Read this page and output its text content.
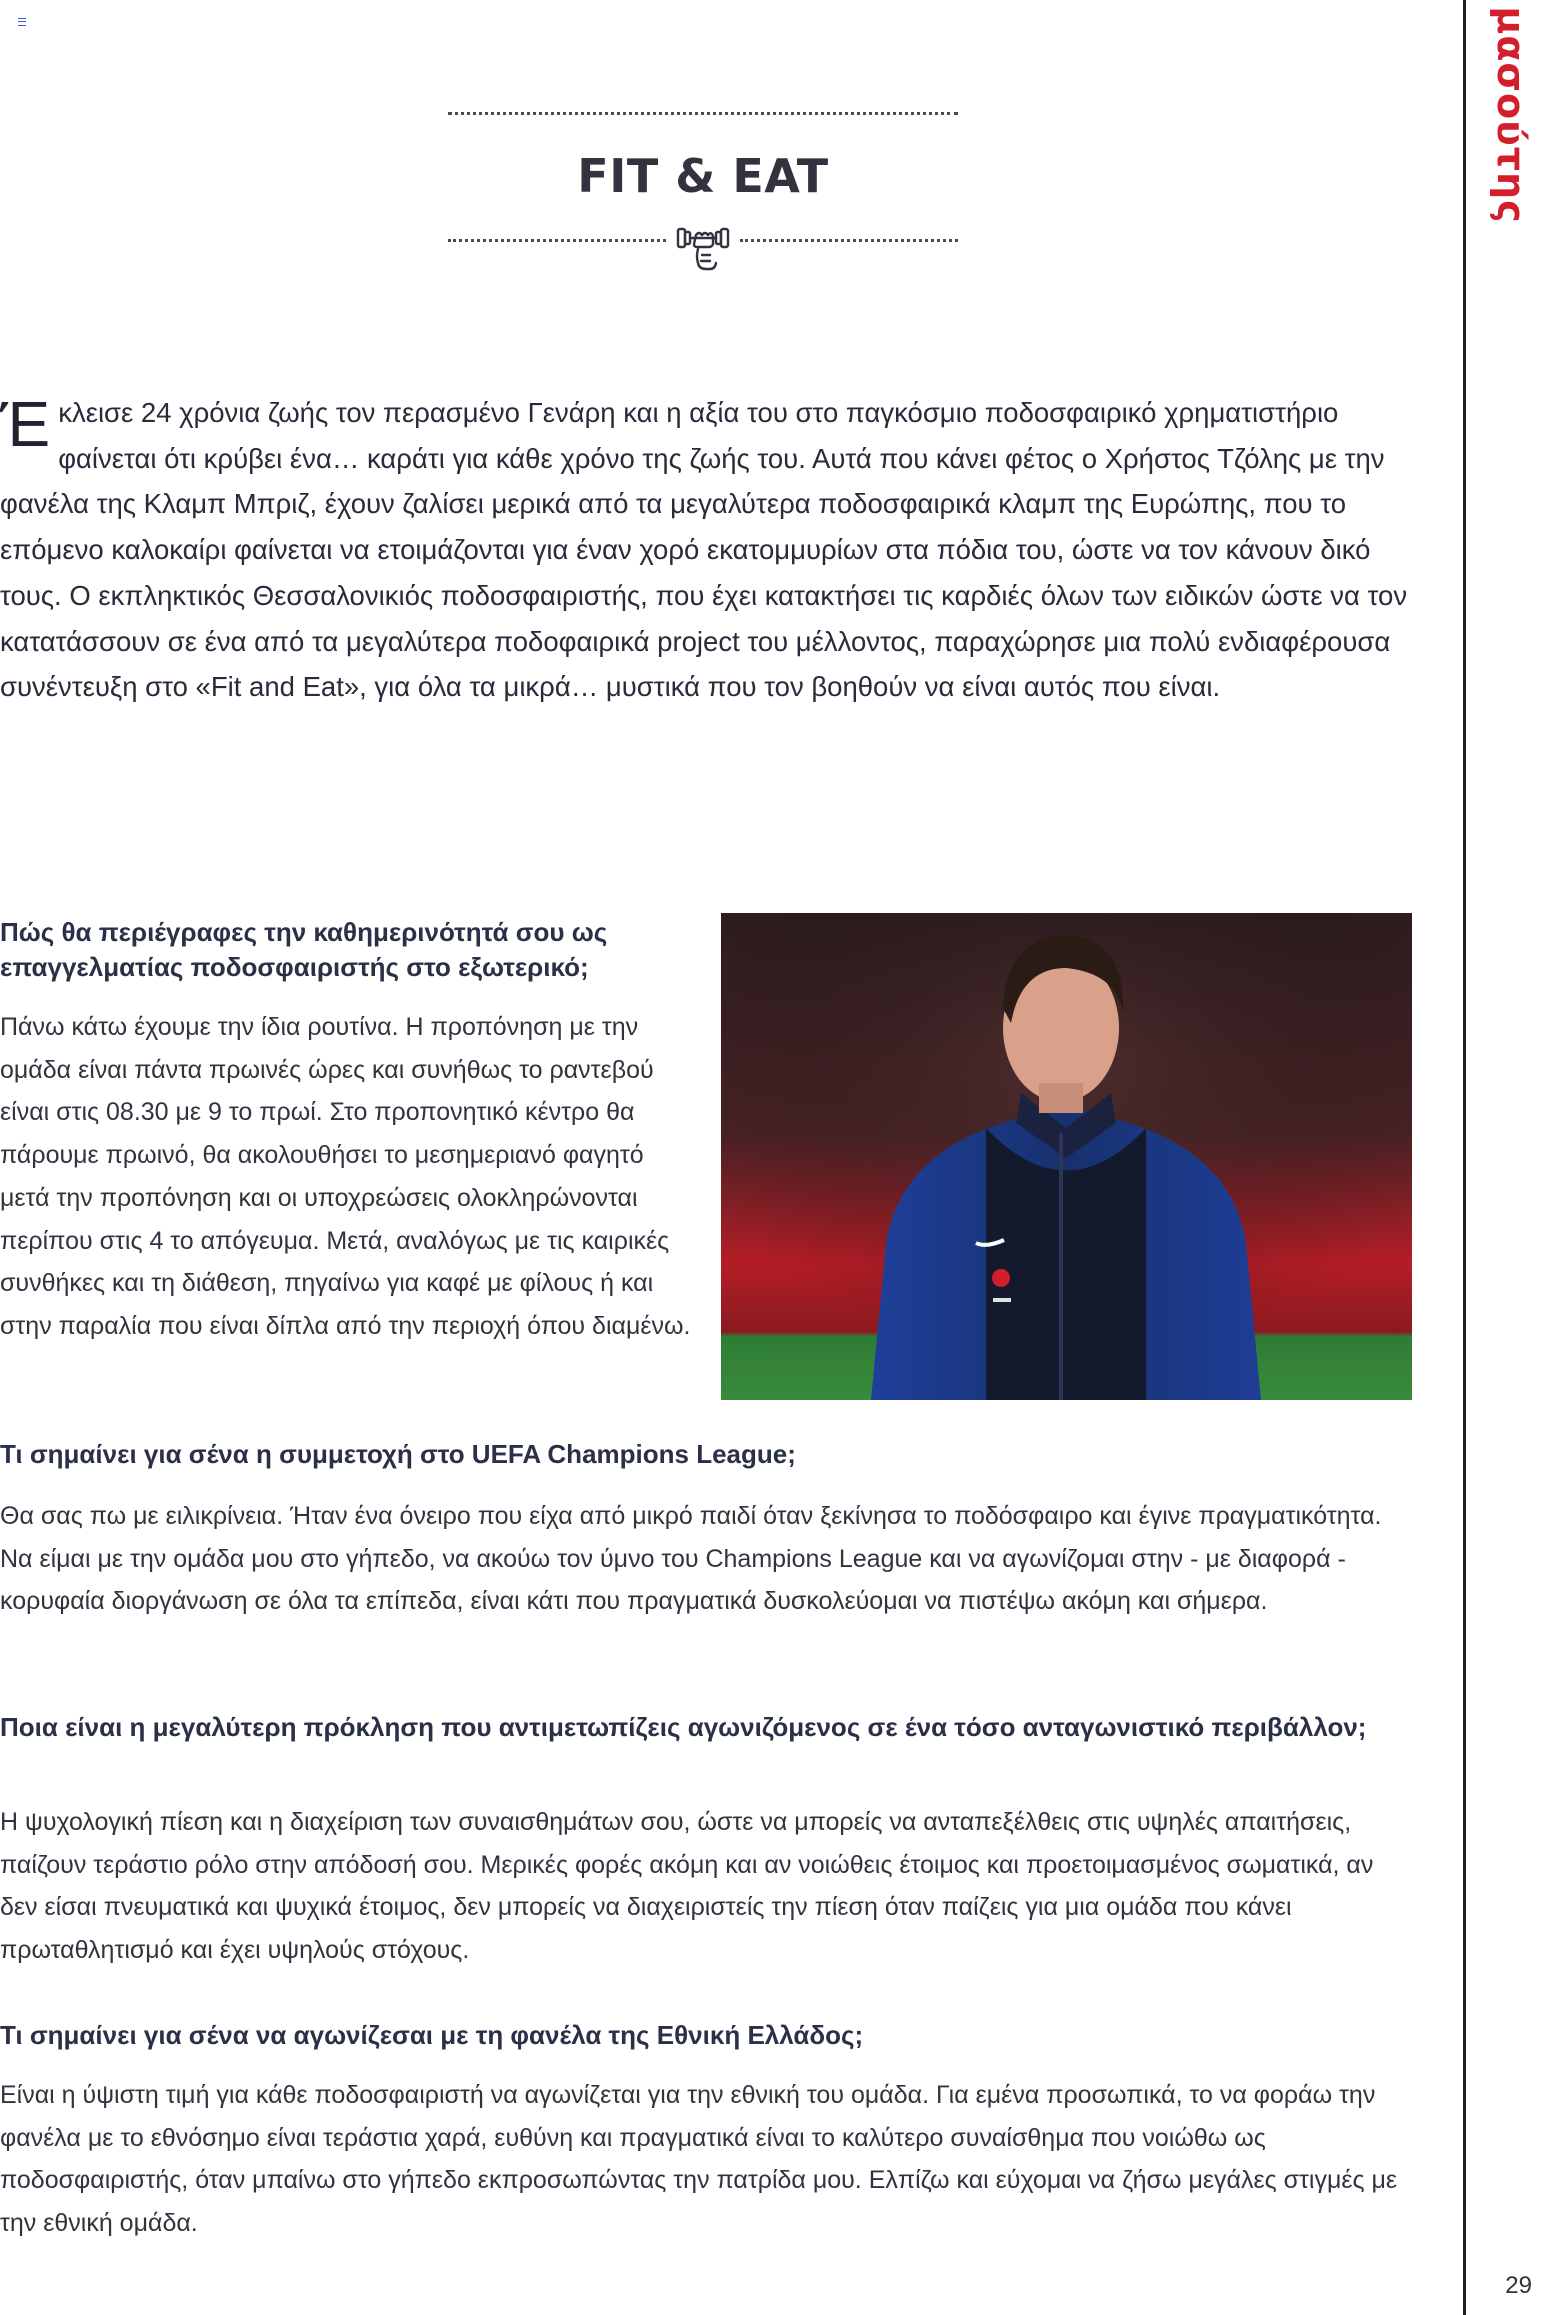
μασούτης
FIT & EAT
Έκλεισε 24 χρόνια ζωής τον περασμένο Γενάρη και η αξία του στο παγκόσμιο ποδοσφαιρικό χρηματιστήριο φαίνεται ότι κρύβει ένα… καράτι για κάθε χρόνο της ζωής του. Αυτά που κάνει φέτος ο Χρήστος Τζόλης με την φανέλα της Κλαμπ Μπριζ, έχουν ζαλίσει μερικά από τα μεγαλύτερα ποδοσφαιρικά κλαμπ της Ευρώπης, που το επόμενο καλοκαίρι φαίνεται να ετοιμάζονται για έναν χορό εκατομμυρίων στα πόδια του, ώστε να τον κάνουν δικό τους. Ο εκπληκτικός Θεσσαλονικιός ποδοσφαιριστής, που έχει κατακτήσει τις καρδιές όλων των ειδικών ώστε να τον κατατάσσουν σε ένα από τα μεγαλύτερα ποδοφαιρικά project του μέλλοντος, παραχώρησε μια πολύ ενδιαφέρουσα συνέντευξη στο «Fit and Eat», για όλα τα μικρά… μυστικά που τον βοηθούν να είναι αυτός που είναι.
Πώς θα περιέγραφες την καθημερινότητά σου ως επαγγελματίας ποδοσφαιριστής στο εξωτερικό;
Πάνω κάτω έχουμε την ίδια ρουτίνα. Η προπόνηση με την ομάδα είναι πάντα πρωινές ώρες και συνήθως το ραντεβού είναι στις 08.30 με 9 το πρωί. Στο προπονητικό κέντρο θα πάρουμε πρωινό, θα ακολουθήσει το μεσημεριανό φαγητό μετά την προπόνηση και οι υποχρεώσεις ολοκληρώνονται περίπου στις 4 το απόγευμα. Μετά, αναλόγως με τις καιρικές συνθήκες και τη διάθεση, πηγαίνω για καφέ με φίλους ή και στην παραλία που είναι δίπλα από την περιοχή όπου διαμένω.
Τι σημαίνει για σένα η συμμετοχή στο UEFA Champions League;
Θα σας πω με ειλικρίνεια. Ήταν ένα όνειρο που είχα από μικρό παιδί όταν ξεκίνησα το ποδόσφαιρο και έγινε πραγματικότητα. Να είμαι με την ομάδα μου στο γήπεδο, να ακούω τον ύμνο του Champions League και να αγωνίζομαι στην - με διαφορά - κορυφαία διοργάνωση σε όλα τα επίπεδα, είναι κάτι που πραγματικά δυσκολεύομαι να πιστέψω ακόμη και σήμερα.
Ποια είναι η μεγαλύτερη πρόκληση που αντιμετωπίζεις αγωνιζόμενος σε ένα τόσο ανταγωνιστικό περιβάλλον;
Η ψυχολογική πίεση και η διαχείριση των συναισθημάτων σου, ώστε να μπορείς να ανταπεξέλθεις στις υψηλές απαιτήσεις, παίζουν τεράστιο ρόλο στην απόδοσή σου. Μερικές φορές ακόμη και αν νοιώθεις έτοιμος και προετοιμασμένος σωματικά, αν δεν είσαι πνευματικά και ψυχικά έτοιμος, δεν μπορείς να διαχειριστείς την πίεση όταν παίζεις για μια ομάδα που κάνει πρωταθλητισμό και έχει υψηλούς στόχους.
Τι σημαίνει για σένα να αγωνίζεσαι με τη φανέλα της Εθνική Ελλάδος;
Είναι η ύψιστη τιμή για κάθε ποδοσφαιριστή να αγωνίζεται για την εθνική του ομάδα. Για εμένα προσωπικά, το να φοράω την φανέλα με το εθνόσημο είναι τεράστια χαρά, ευθύνη και πραγματικά είναι το καλύτερο συναίσθημα που νοιώθω ως ποδοσφαιριστής, όταν μπαίνω στο γήπεδο εκπροσωπώντας την πατρίδα μου. Ελπίζω και εύχομαι να ζήσω μεγάλες στιγμές με την εθνική ομάδα.
29
